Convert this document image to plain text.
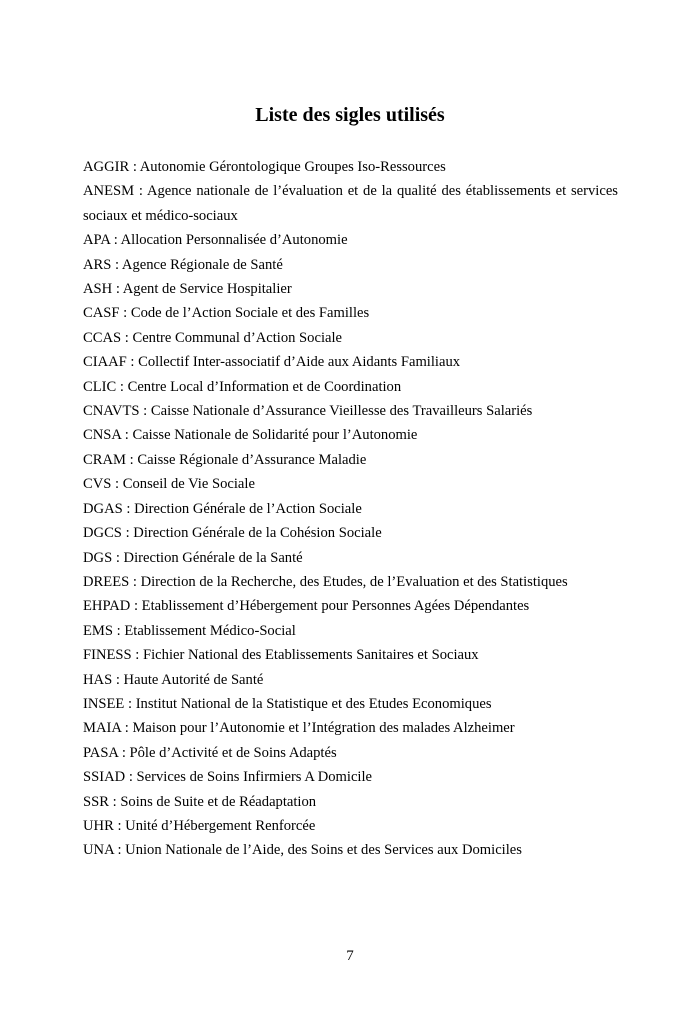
Liste des sigles utilisés
AGGIR : Autonomie Gérontologique Groupes Iso-Ressources
ANESM : Agence nationale de l’évaluation et de la qualité des établissements et services
sociaux et médico-sociaux
APA : Allocation Personnalisée d’Autonomie
ARS : Agence Régionale de Santé
ASH : Agent de Service Hospitalier
CASF : Code de l’Action Sociale et des Familles
CCAS : Centre Communal d’Action Sociale
CIAAF : Collectif Inter-associatif d’Aide aux Aidants Familiaux
CLIC : Centre Local d’Information et de Coordination
CNAVTS : Caisse Nationale d’Assurance Vieillesse des Travailleurs Salariés
CNSA : Caisse Nationale de Solidarité pour l’Autonomie
CRAM : Caisse Régionale d’Assurance Maladie
CVS : Conseil de Vie Sociale
DGAS : Direction Générale de l’Action Sociale
DGCS : Direction Générale de la Cohésion Sociale
DGS : Direction Générale de la Santé
DREES : Direction de la Recherche, des Etudes, de l’Evaluation et des Statistiques
EHPAD : Etablissement d’Hébergement pour Personnes Agées Dépendantes
EMS : Etablissement Médico-Social
FINESS : Fichier National des Etablissements Sanitaires et Sociaux
HAS : Haute Autorité de Santé
INSEE : Institut National de la Statistique et des Etudes Economiques
MAIA : Maison pour l’Autonomie et l’Intégration des malades Alzheimer
PASA : Pôle d’Activité et de Soins Adaptés
SSIAD : Services de Soins Infirmiers A Domicile
SSR : Soins de Suite et de Réadaptation
UHR : Unité d’Hébergement Renforcée
UNA : Union Nationale de l’Aide, des Soins et des Services aux Domiciles
7
